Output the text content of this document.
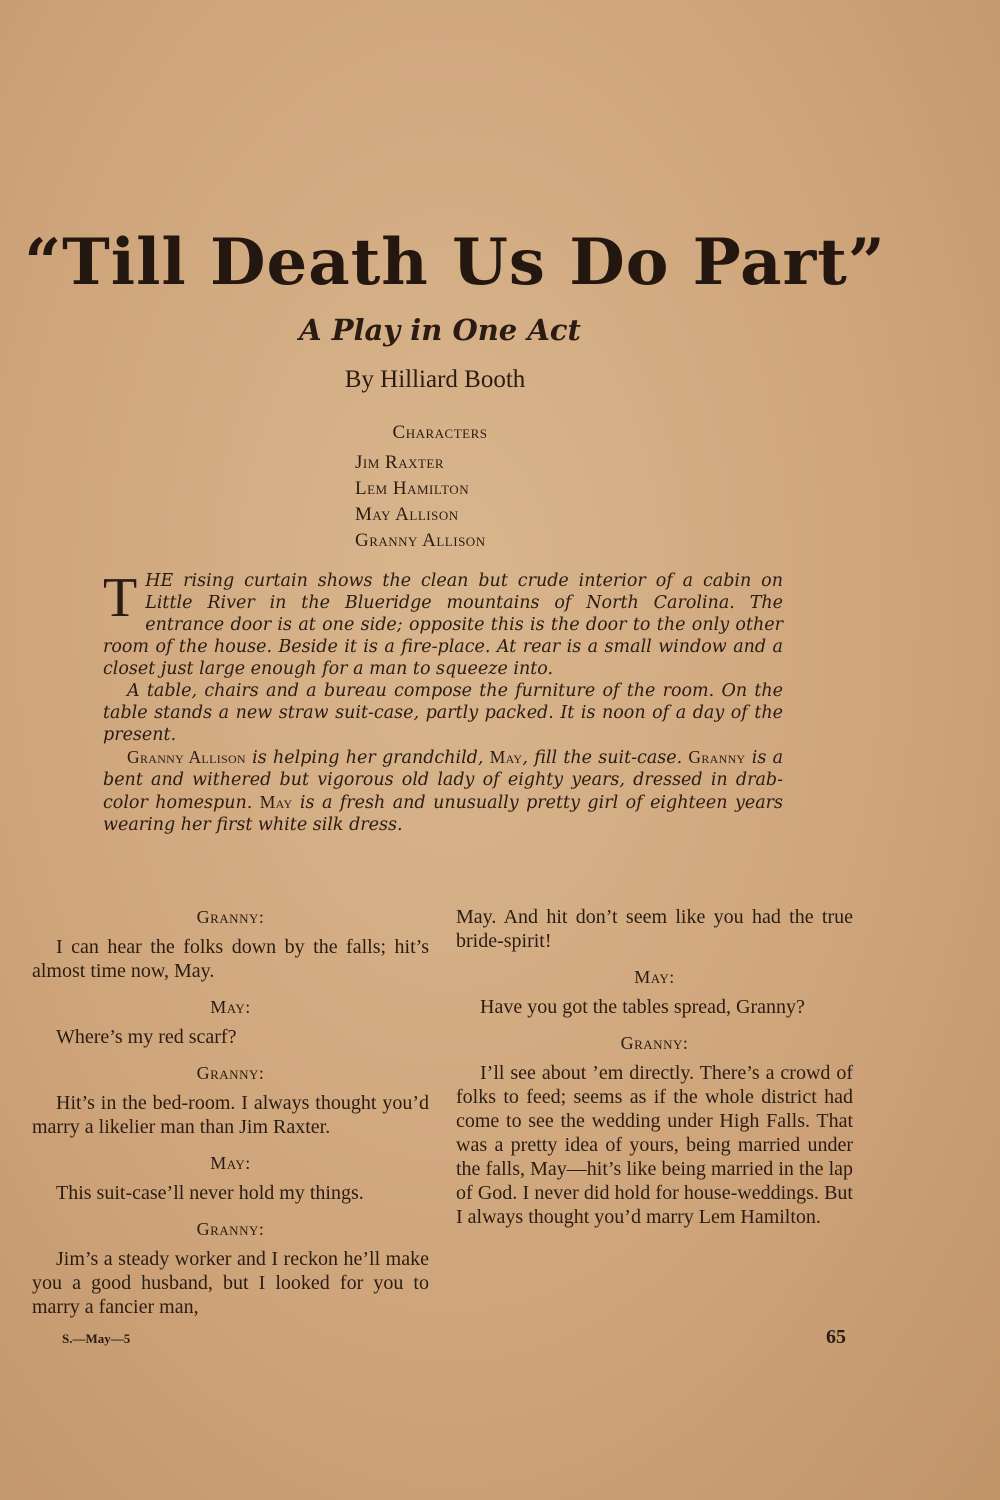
“Till Death Us Do Part”
A Play in One Act
By Hilliard Booth
Characters
Jim Raxter
Lem Hamilton
May Allison
Granny Allison

THE rising curtain shows the clean but crude interior of a cabin on Little River in the Blueridge mountains of North Carolina. The entrance door is at one side; opposite this is the door to the only other room of the house. Beside it is a fire-place. At rear is a small window and a closet just large enough for a man to squeeze into.

A table, chairs and a bureau compose the furniture of the room. On the table stands a new straw suit-case, partly packed. It is noon of a day of the present.

Granny Allison is helping her grandchild, May, fill the suit-case. Granny is a bent and withered but vigorous old lady of eighty years, dressed in drab-color homespun. May is a fresh and unusually pretty girl of eighteen years wearing her first white silk dress.

Granny:
I can hear the folks down by the falls; hit’s almost time now, May.
May:
Where’s my red scarf?
Granny:
Hit’s in the bed-room. I always thought you’d marry a likelier man than Jim Raxter.
May:
This suit-case’ll never hold my things.
Granny:
Jim’s a steady worker and I reckon he’ll make you a good husband, but I looked for you to marry a fancier man,
May. And hit don’t seem like you had the true bride-spirit!
May:
Have you got the tables spread, Granny?
Granny:
I’ll see about ’em directly. There’s a crowd of folks to feed; seems as if the whole district had come to see the wedding under High Falls. That was a pretty idea of yours, being married under the falls, May—hit’s like being married in the lap of God. I never did hold for house-weddings. But I always thought you’d marry Lem Hamilton.
S.—May—5	65
